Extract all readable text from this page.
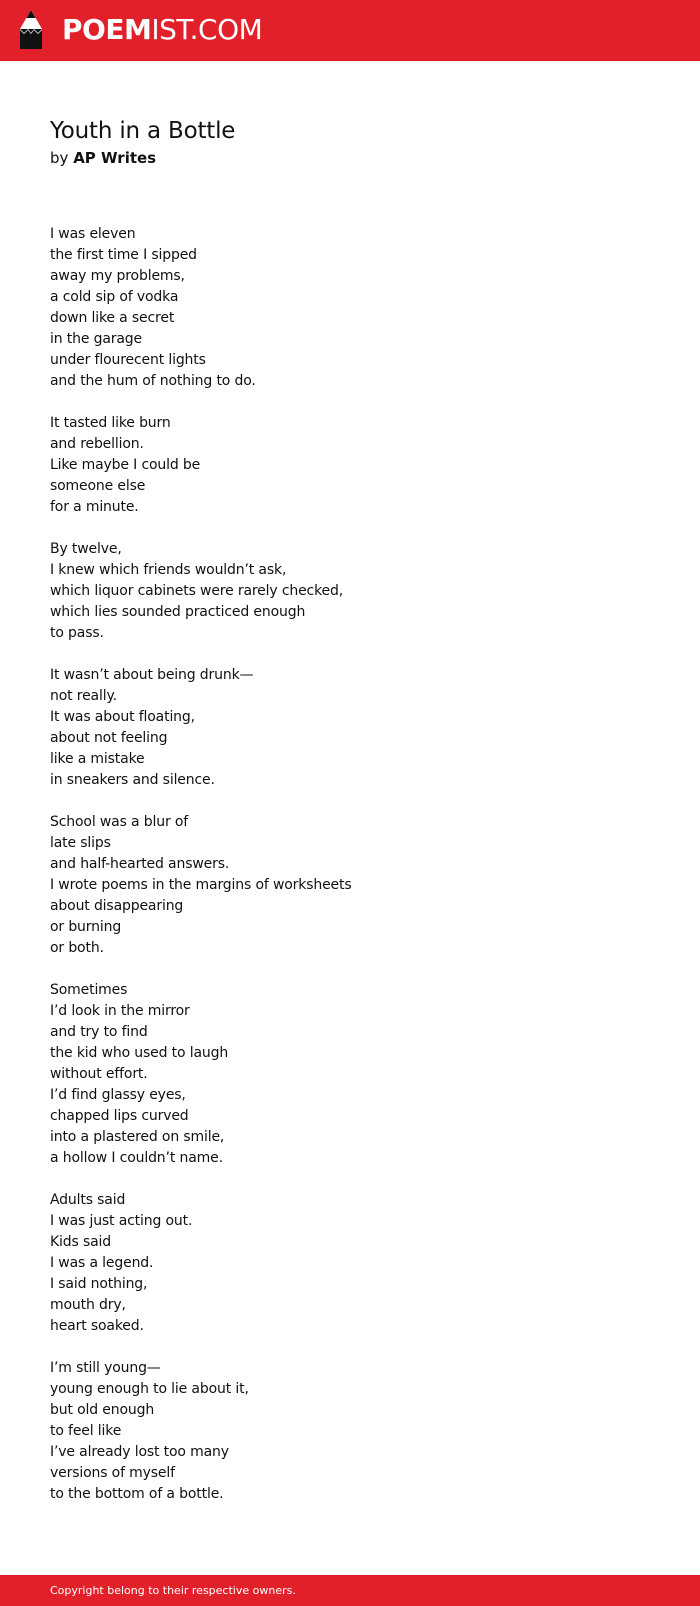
POEMIST.COM
Youth in a Bottle
by AP Writes
I was eleven
the first time I sipped
away my problems,
a cold sip of vodka
down like a secret
in the garage
under flourecent lights
and the hum of nothing to do.
It tasted like burn
and rebellion.
Like maybe I could be
someone else
for a minute.
By twelve,
I knew which friends wouldn’t ask,
which liquor cabinets were rarely checked,
which lies sounded practiced enough
to pass.
It wasn’t about being drunk—
not really.
It was about floating,
about not feeling
like a mistake
in sneakers and silence.
School was a blur of
late slips
and half-hearted answers.
I wrote poems in the margins of worksheets
about disappearing
or burning
or both.
Sometimes
I’d look in the mirror
and try to find
the kid who used to laugh
without effort.
I’d find glassy eyes,
chapped lips curved
into a plastered on smile,
a hollow I couldn’t name.
Adults said
I was just acting out.
Kids said
I was a legend.
I said nothing,
mouth dry,
heart soaked.
I’m still young—
young enough to lie about it,
but old enough
to feel like
I’ve already lost too many
versions of myself
to the bottom of a bottle.
Copyright belong to their respective owners.
